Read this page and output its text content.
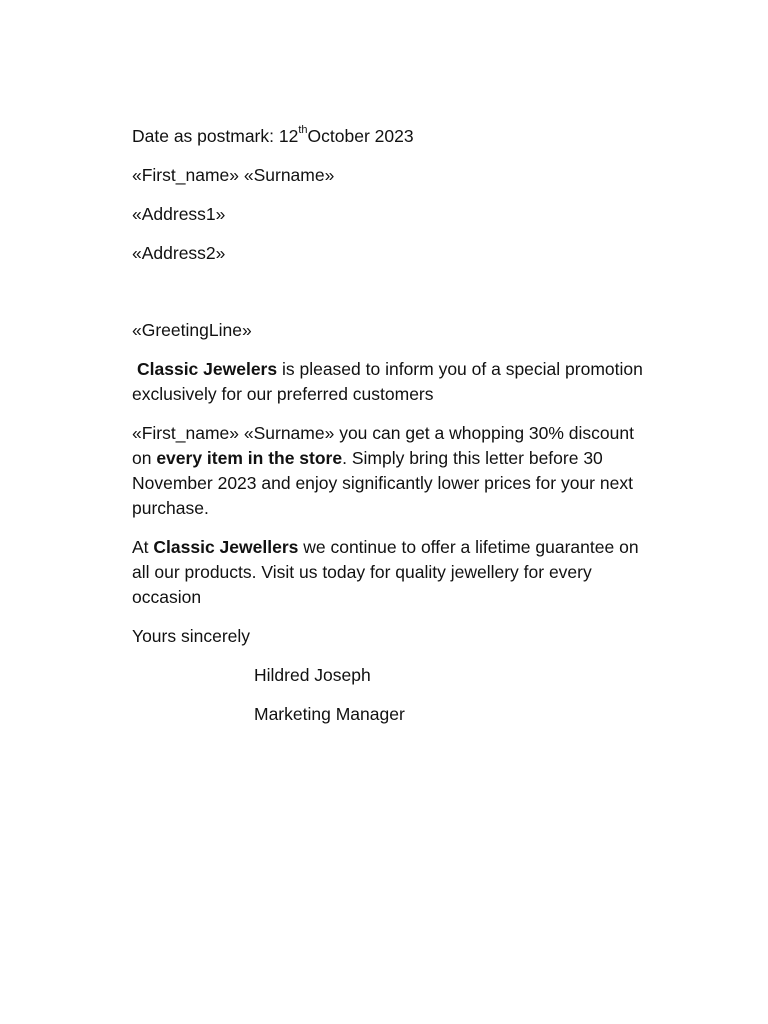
Date as postmark: 12thOctober 2023
«First_name» «Surname»
«Address1»
«Address2»
«GreetingLine»
Classic Jewelers is pleased to inform you of a special promotion exclusively for our preferred customers
«First_name» «Surname» you can get a whopping 30% discount on every item in the store. Simply bring this letter before 30 November 2023 and enjoy significantly lower prices for your next purchase.
At Classic Jewellers we continue to offer a lifetime guarantee on all our products. Visit us today for quality jewellery for every occasion
Yours sincerely
Hildred Joseph
Marketing Manager
